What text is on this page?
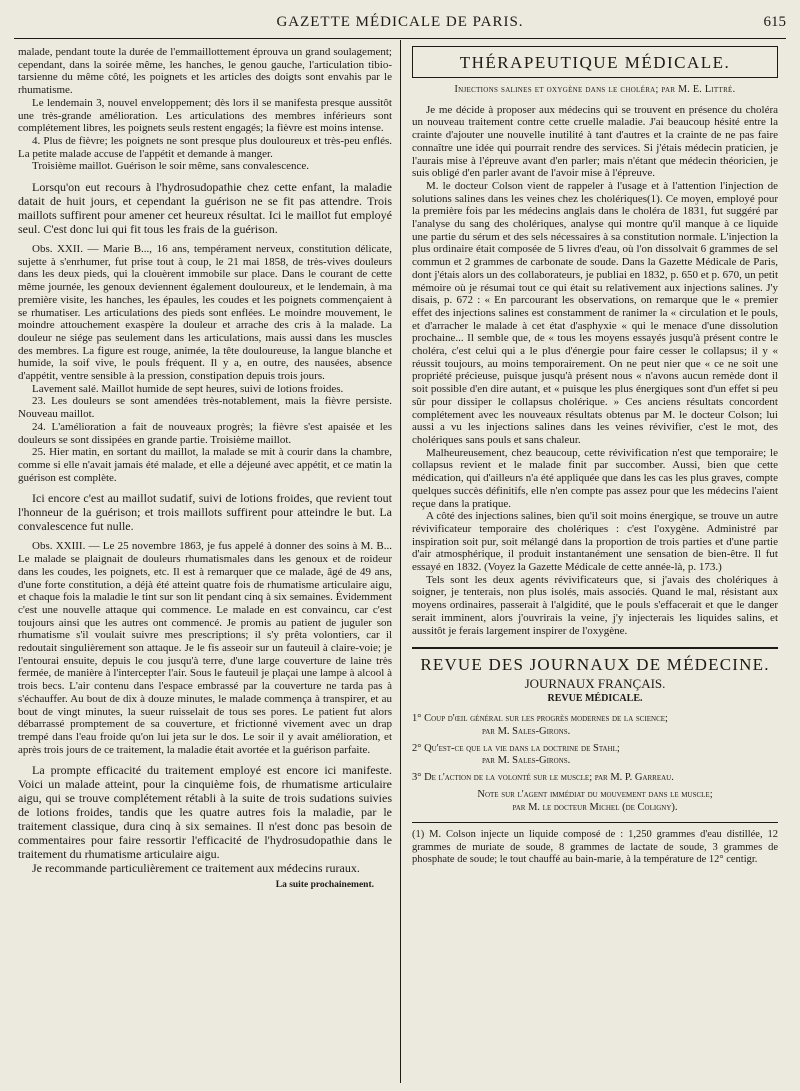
GAZETTE MÉDICALE DE PARIS.	615

malade, pendant toute la durée de l'emmaillottement éprouva un grand soulagement; cependant, dans la soirée même, les hanches, le genou gauche, l'articulation tibio-tarsienne du même côté, les poignets et les articles des doigts sont envahis par le rhumatisme.

Le lendemain 3, nouvel enveloppement; dès lors il se manifesta presque aussitôt une très-grande amélioration. Les articulations des membres inférieurs sont complétement libres, les poignets seuls restent engagés; la fièvre est moins intense.

4. Plus de fièvre; les poignets ne sont presque plus douloureux et très-peu enflés. La petite malade accuse de l'appétit et demande à manger.

Troisième maillot. Guérison le soir même, sans convalescence.

Lorsqu'on eut recours à l'hydrosudopathie chez cette enfant, la maladie datait de huit jours, et cependant la guérison ne se fit pas attendre. Trois maillots suffirent pour amener cet heureux résultat. Ici le maillot fut employé seul. C'est donc lui qui fit tous les frais de la guérison.

Obs. XXII. — Marie B..., 16 ans, tempérament nerveux, constitution délicate, sujette à s'enrhumer, fut prise tout à coup, le 21 mai 1858, de très-vives douleurs dans les deux pieds, qui la clouèrent immobile sur place. Dans le courant de cette même journée, les genoux deviennent également douloureux, et le lendemain, à ma première visite, les hanches, les épaules, les coudes et les poignets commençaient à se rhumatiser. Les articulations des pieds sont enflées. Le moindre mouvement, le moindre attouchement exaspère la douleur et arrache des cris à la malade. La douleur ne siége pas seulement dans les articulations, mais aussi dans les muscles des membres. La figure est rouge, animée, la tête douloureuse, la langue blanche et humide, la soif vive, le pouls fréquent. Il y a, en outre, des nausées, absence d'appétit, ventre sensible à la pression, constipation depuis trois jours.

Lavement salé. Maillot humide de sept heures, suivi de lotions froides.

23. Les douleurs se sont amendées très-notablement, mais la fièvre persiste. Nouveau maillot.

24. L'amélioration a fait de nouveaux progrès; la fièvre s'est apaisée et les douleurs se sont dissipées en grande partie. Troisième maillot.

25. Hier matin, en sortant du maillot, la malade se mit à courir dans la chambre, comme si elle n'avait jamais été malade, et elle a déjeuné avec appétit, et ce matin la guérison est complète.

Ici encore c'est au maillot sudatif, suivi de lotions froides, que revient tout l'honneur de la guérison; et trois maillots suffirent pour atteindre le but. La convalescence fut nulle.

Obs. XXIII. — Le 25 novembre 1863, je fus appelé à donner des soins à M. B... Le malade se plaignait de douleurs rhumatismales dans les genoux et de roideur dans les coudes, les poignets, etc. Il est à remarquer que ce malade, âgé de 49 ans, d'une forte constitution, a déjà été atteint quatre fois de rhumatisme articulaire aigu, et chaque fois la maladie le tint sur son lit pendant cinq à six semaines. Évidemment c'est une nouvelle attaque qui commence. Le malade en est convaincu, car c'est toujours ainsi que les autres ont commencé. Je promis au patient de juguler son rhumatisme s'il voulait suivre mes prescriptions; il s'y prêta volontiers, car il redoutait singulièrement son attaque. Je le fis asseoir sur un fauteuil à claire-voie; je l'entourai ensuite, depuis le cou jusqu'à terre, d'une large couverture de laine très fermée, de manière à l'intercepter l'air. Sous le fauteuil je plaçai une lampe à alcool à trois becs. L'air contenu dans l'espace embrassé par la couverture ne tarda pas à s'échauffer. Au bout de dix à douze minutes, le malade commença à transpirer, et au bout de vingt minutes, la sueur ruisselait de tous ses pores. Le patient fut alors débarrassé promptement de sa couverture, et frictionné vivement avec un drap trempé dans l'eau froide qu'on lui jeta sur le dos. Le soir il y avait amélioration, et après trois jours de ce traitement, la maladie était avortée et la guérison parfaite.

La prompte efficacité du traitement employé est encore ici manifeste. Voici un malade atteint, pour la cinquième fois, de rhumatisme articulaire aigu, qui se trouve complétement rétabli à la suite de trois sudations suivies de lotions froides, tandis que les quatre autres fois la maladie, par le traitement classique, dura cinq à six semaines. Il n'est donc pas besoin de commentaires pour faire ressortir l'efficacité de l'hydrosudopathie dans le traitement du rhumatisme articulaire aigu.

Je recommande particulièrement ce traitement aux médecins ruraux.

La suite prochainement.
THÉRAPEUTIQUE MÉDICALE.
Injections salines et oxygène dans le choléra; par M. E. Littré.

Je me décide à proposer aux médecins qui se trouvent en présence du choléra un nouveau traitement contre cette cruelle maladie. J'ai beaucoup hésité entre la crainte d'ajouter une nouvelle inutilité à tant d'autres et la crainte de ne pas faire connaître une idée qui pourrait rendre des services. Si j'étais médecin praticien, je l'aurais mise à l'épreuve avant d'en parler; mais n'étant que médecin théoricien, je suis obligé d'en parler avant de l'avoir mise à l'épreuve.

M. le docteur Colson vient de rappeler à l'usage et à l'attention l'injection de solutions salines dans les veines chez les cholériques(1). Ce moyen, employé pour la première fois par les médecins anglais dans le choléra de 1831, fut suggéré par l'analyse du sang des cholériques, analyse qui montre qu'il manque à ce liquide une partie du sérum et des sels nécessaires à sa constitution normale. L'injection la plus ordinaire était composée de 5 livres d'eau, où l'on dissolvait 6 grammes de sel commun et 2 grammes de carbonate de soude. Dans la Gazette Médicale de Paris, dont j'étais alors un des collaborateurs, je publiai en 1832, p. 650 et p. 670, un petit mémoire où je résumai tout ce qui était su relativement aux injections salines. J'y disais, p. 672 : « En parcourant les observations, on remarque que le « premier effet des injections salines est constamment de ranimer la « circulation et le pouls, et d'arracher le malade à cet état d'asphyxie « qui le menace d'une dissolution prochaine... Il semble que, de « tous les moyens essayés jusqu'à présent contre le choléra, c'est celui qui a le plus d'énergie pour faire cesser le collapsus; il y « réussit toujours, au moins temporairement. On ne peut nier que « ce ne soit une propriété précieuse, puisque jusqu'à présent nous « n'avons aucun remède dont il soit possible d'en dire autant, et « puisque les plus énergiques sont d'un effet si peu sûr pour dissiper le collapsus cholérique. » Ces anciens résultats concordent complétement avec les nouveaux résultats obtenus par M. le docteur Colson; lui aussi a vu les injections salines dans les veines révivifier, c'est le mot, des cholériques sans pouls et sans chaleur.

Malheureusement, chez beaucoup, cette révivification n'est que temporaire; le collapsus revient et le malade finit par succomber. Aussi, bien que cette médication, qui d'ailleurs n'a été appliquée que dans les cas les plus graves, compte quelques succès définitifs, elle n'en compte pas assez pour que les médecins l'aient reçue dans la pratique.

A côté des injections salines, bien qu'il soit moins énergique, se trouve un autre révivificateur temporaire des cholériques : c'est l'oxygène. Administré par inspiration soit pur, soit mélangé dans la proportion de trois parties et d'une partie d'air atmosphérique, il produit instantanément une sensation de bien-être. Il fut essayé en 1832. (Voyez la Gazette Médicale de cette année-là, p. 173.)

Tels sont les deux agents révivificateurs que, si j'avais des cholériques à soigner, je tenterais, non plus isolés, mais associés. Quand le mal, résistant aux moyens ordinaires, passerait à l'algidité, que le pouls s'effacerait et que le danger serait imminent, alors j'ouvrirais la veine, j'y injecterais les liquides salins, et aussitôt je ferais largement inspirer de l'oxygène.

REVUE DES JOURNAUX DE MÉDECINE.
JOURNAUX FRANÇAIS.
REVUE MÉDICALE.

1° Coup d'œil général sur les progrès modernes de la science;
par M. Sales-Girons.

2° Qu'est-ce que la vie dans la doctrine de Stahl;
par M. Sales-Girons.

3° De l'action de la volonté sur le muscle; par M. P. Garreau.

Note sur l'agent immédiat du mouvement dans le muscle;
par M. le docteur Michel (de Coligny).

(1) M. Colson injecte un liquide composé de : 1,250 grammes d'eau distillée, 12 grammes de muriate de soude, 8 grammes de lactate de soude, 3 grammes de phosphate de soude; le tout chauffé au bain-marie, à la température de 12° centigr.
